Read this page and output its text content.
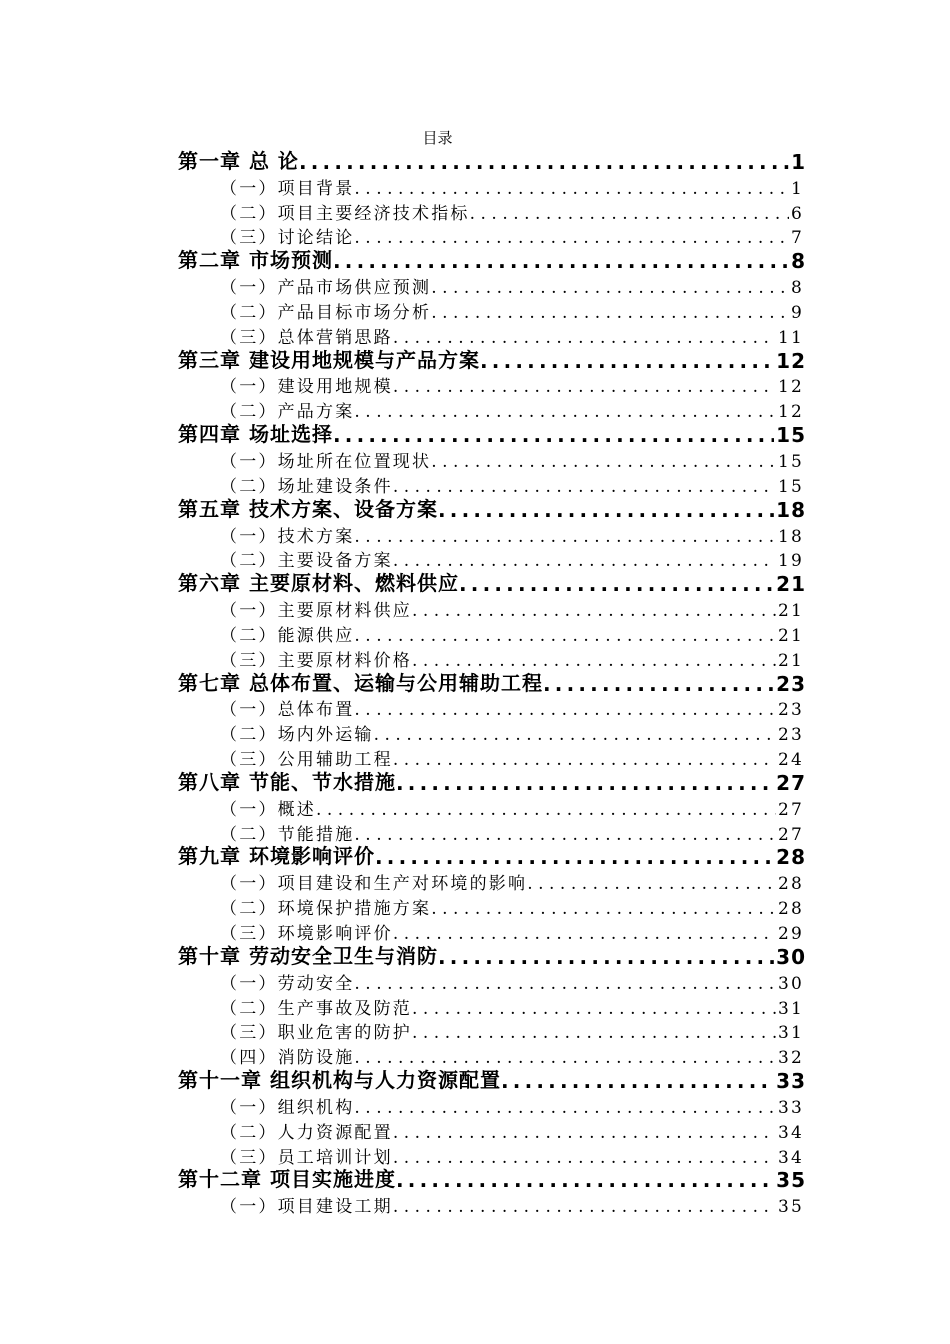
目录
第一章 总 论 .....	1
（一）项目背景 .....	1
（二）项目主要经济技术指标 .....	6
（三）讨论结论 .....	7
第二章 市场预测 .....	8
（一）产品市场供应预测 .....	8
（二）产品目标市场分析 .....	9
（三）总体营销思路 .....	11
第三章 建设用地规模与产品方案 .....	12
（一）建设用地规模 .....	12
（二）产品方案 .....	12
第四章 场址选择 .....	15
（一）场址所在位置现状 .....	15
（二）场址建设条件 .....	15
第五章 技术方案、设备方案 .....	18
（一）技术方案 .....	18
（二）主要设备方案 .....	19
第六章 主要原材料、燃料供应 .....	21
（一）主要原材料供应 .....	21
（二）能源供应 .....	21
（三）主要原材料价格 .....	21
第七章 总体布置、运输与公用辅助工程 .....	23
（一）总体布置 .....	23
（二）场内外运输 .....	23
（三）公用辅助工程 .....	24
第八章 节能、节水措施 .....	27
（一）概述 .....	27
（二）节能措施 .....	27
第九章 环境影响评价 .....	28
（一）项目建设和生产对环境的影响 .....	28
（二）环境保护措施方案 .....	28
（三）环境影响评价 .....	29
第十章 劳动安全卫生与消防 .....	30
（一）劳动安全 .....	30
（二）生产事故及防范 .....	31
（三）职业危害的防护 .....	31
（四）消防设施 .....	32
第十一章 组织机构与人力资源配置 .....	33
（一）组织机构 .....	33
（二）人力资源配置 .....	34
（三）员工培训计划 .....	34
第十二章 项目实施进度 .....	35
（一）项目建设工期 .....	35
